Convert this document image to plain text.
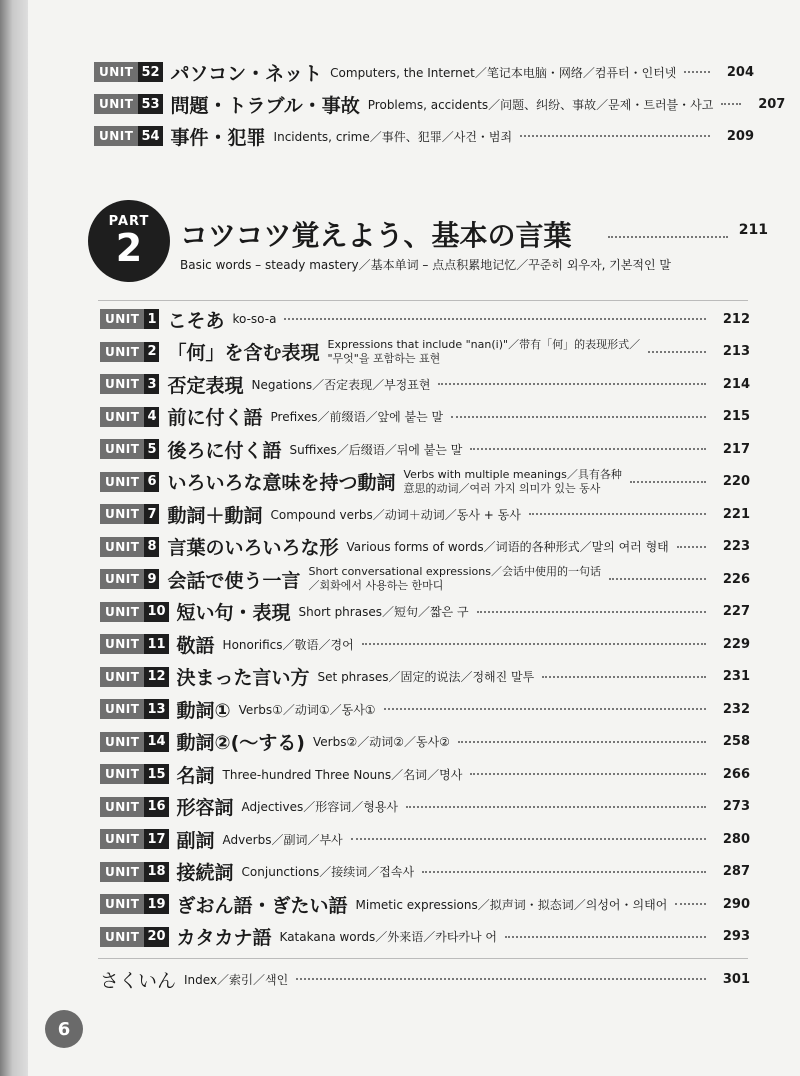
UNIT 52 パソコン・ネット Computers, the Internet／笔记本电脑・网络／컴퓨터・인터넷	204
UNIT 53 問題・トラブル・事故 Problems, accidents／问题、纠纷、事故／문제・트러블・사고	207
UNIT 54 事件・犯罪 Incidents, crime／事件、犯罪／사건・범죄	209
PART
2	コツコツ覚えよう、基本の言葉	211
Basic words – steady mastery／基本单词 – 点点积累地记忆／꾸준히 외우자, 기본적인 말
UNIT 1 こそあ ko-so-a	212
UNIT 2 「何」を含む表現 Expressions that include "nan(i)"／带有「何」的表现形式／
"무엇"을 포함하는 표현	213
UNIT 3 否定表現 Negations／否定表现／부정표현	214
UNIT 4 前に付く語 Prefixes／前缀语／앞에 붙는 말	215
UNIT 5 後ろに付く語 Suffixes／后缀语／뒤에 붙는 말	217
UNIT 6 いろいろな意味を持つ動詞 Verbs with multiple meanings／具有各种
意思的动词／여러 가지 의미가 있는 동사	220
UNIT 7 動詞＋動詞 Compound verbs／动词＋动词／동사 + 동사	221
UNIT 8 言葉のいろいろな形 Various forms of words／词语的各种形式／말의 여러 형태	223
UNIT 9 会話で使う一言 Short conversational expressions／会话中使用的一句话
／회화에서 사용하는 한마디	226
UNIT 10 短い句・表現 Short phrases／短句／짧은 구	227
UNIT 11 敬語 Honorifics／敬语／경어	229
UNIT 12 決まった言い方 Set phrases／固定的说法／정해진 말투	231
UNIT 13 動詞① Verbs①／动词①／동사①	232
UNIT 14 動詞②(～する) Verbs②／动词②／동사②	258
UNIT 15 名詞 Three-hundred Three Nouns／名词／명사	266
UNIT 16 形容詞 Adjectives／形容词／형용사	273
UNIT 17 副詞 Adverbs／副词／부사	280
UNIT 18 接続詞 Conjunctions／接续词／접속사	287
UNIT 19 ぎおん語・ぎたい語 Mimetic expressions／拟声词・拟态词／의성어・의태어	290
UNIT 20 カタカナ語 Katakana words／外来语／카타카나 어	293
さくいん Index／索引／색인	301
6
